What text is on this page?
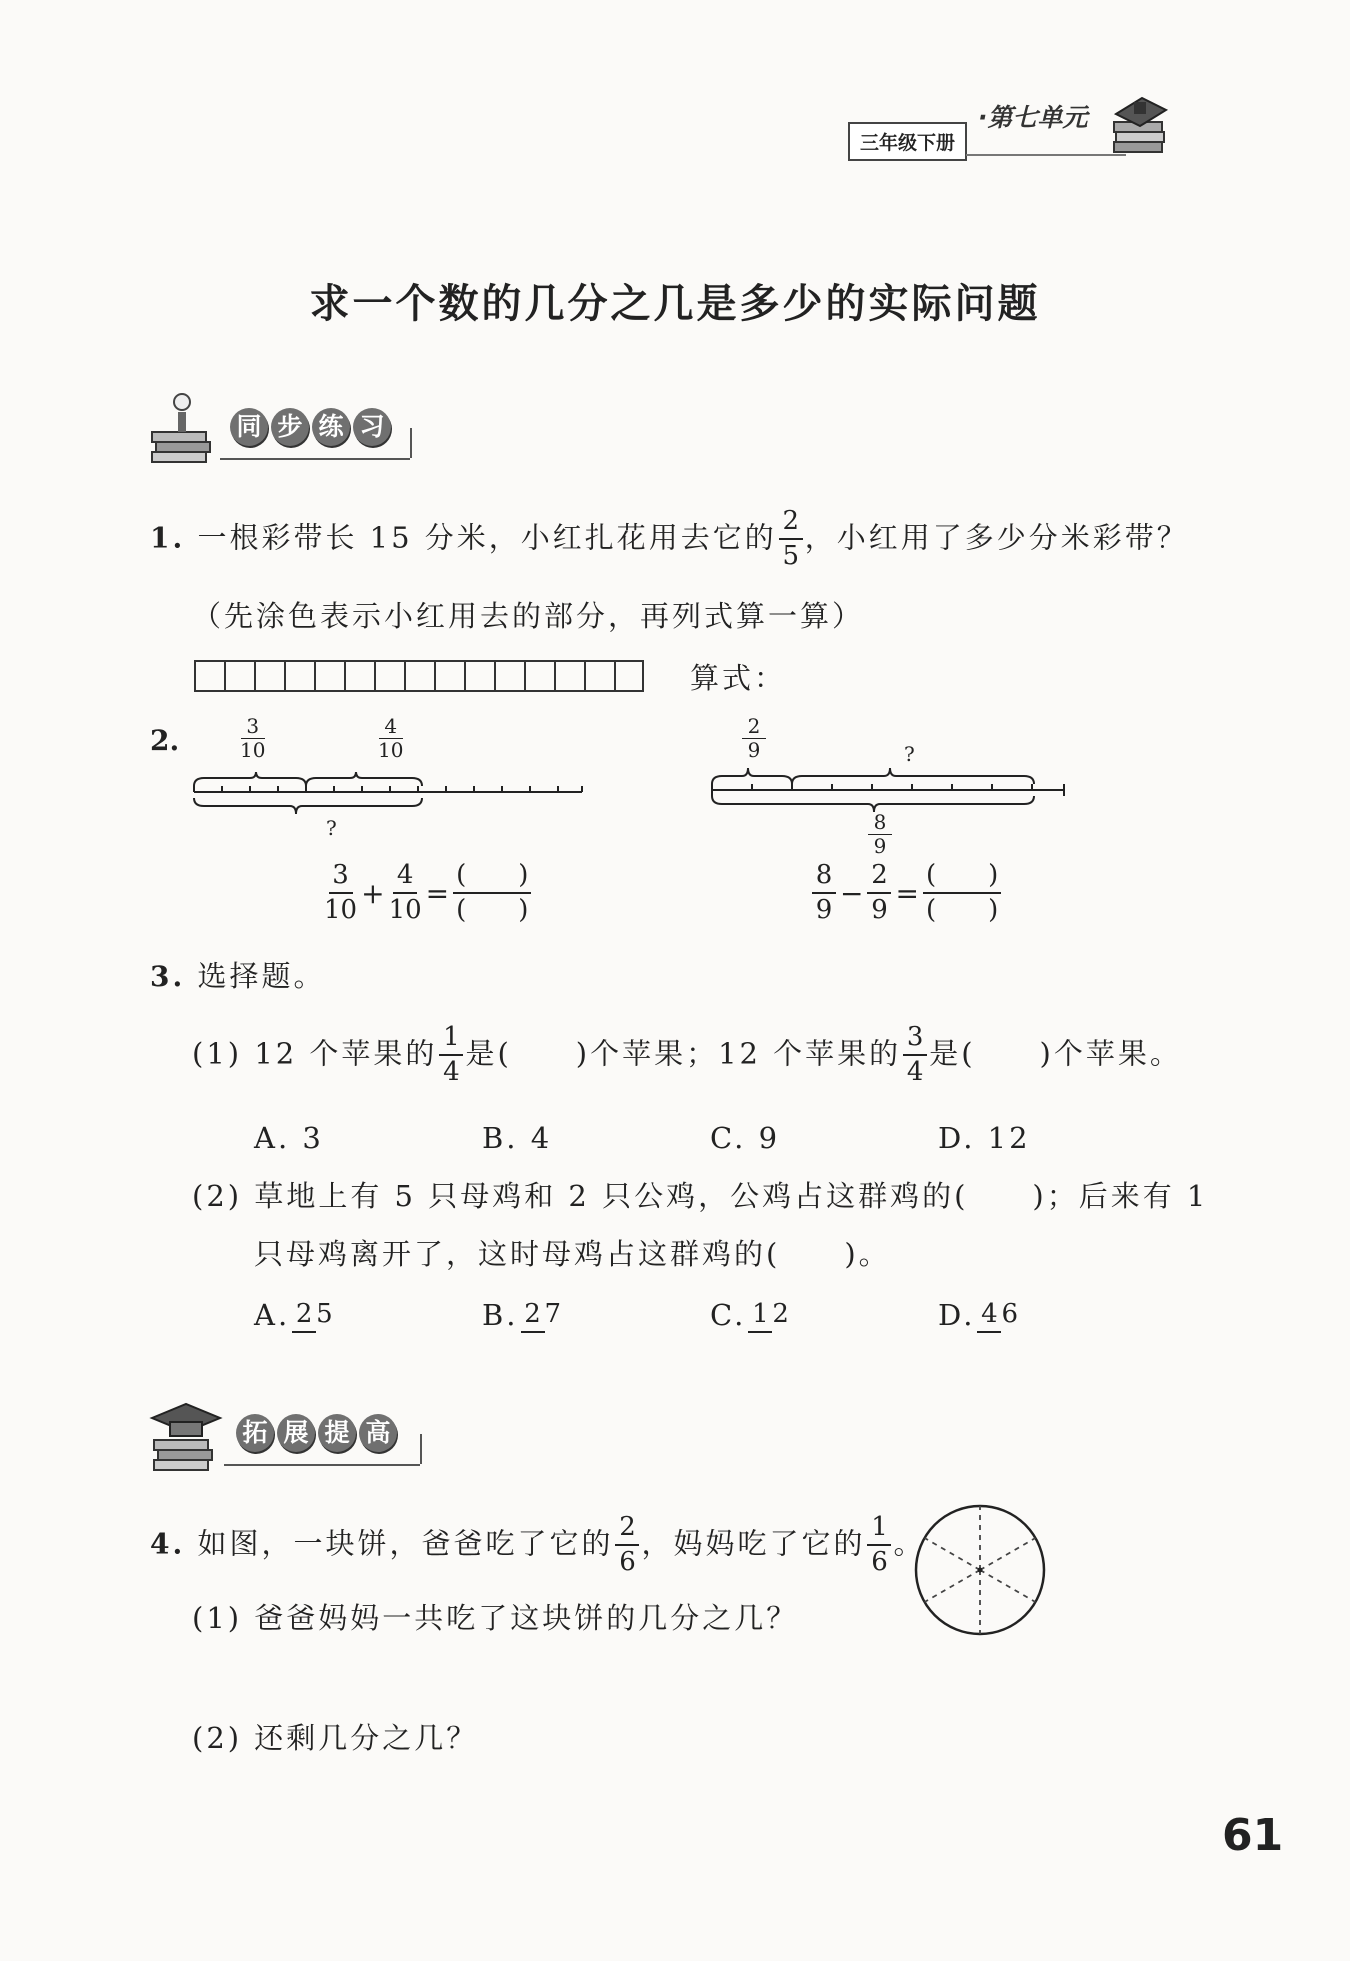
·第七单元
三年级下册
求一个数的几分之几是多少的实际问题
同 步 练 习
1. 一根彩带长 15 分米，小红扎花用去它的 $\frac{2}{5}$ ，小红用了多少分米彩带？
（先涂色表示小红用去的部分，再列式算一算）
算式：
2.	$\frac{3}{10}$	$\frac{4}{10}$
?
$\frac{2}{9}$	?
$\frac{8}{9}$
$\frac{3}{10} + \frac{4}{10} = \frac{( )}{( )}$	$\frac{8}{9} - \frac{2}{9} = \frac{( )}{( )}$
3. 选择题。
(1) 12 个苹果的 $\frac{1}{4}$ 是(　　)个苹果；12 个苹果的 $\frac{3}{4}$ 是(　　)个苹果。
A. 3	B. 4	C. 9	D. 12
(2) 草地上有 5 只母鸡和 2 只公鸡，公鸡占这群鸡的(　　)；后来有 1
只母鸡离开了，这时母鸡占这群鸡的(　　)。
A. 2 5	B. 2 7	C. 1 2	D. 4 6
拓 展 提 高
4. 如图，一块饼，爸爸吃了它的 $\frac{2}{6}$ ，妈妈吃了它的 $\frac{1}{6}$ 。
(1) 爸爸妈妈一共吃了这块饼的几分之几？
(2) 还剩几分之几？
61
